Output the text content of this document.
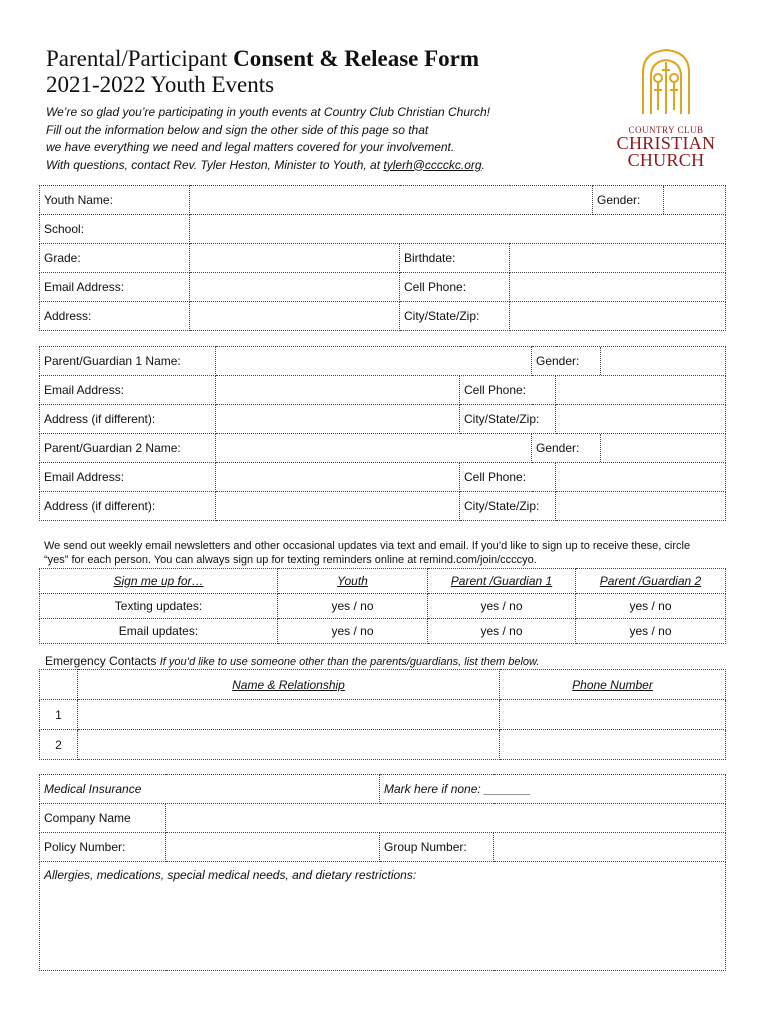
Parental/Participant Consent & Release Form
2021-2022 Youth Events
We’re so glad you’re participating in youth events at Country Club Christian Church!
Fill out the information below and sign the other side of this page so that
we have everything we need and legal matters covered for your involvement.
With questions, contact Rev. Tyler Heston, Minister to Youth, at tylerh@cccckc.org.
COUNTRY CLUB
CHRISTIAN
CHURCH
Youth Name:			Gender:	

School:	
Grade:		Birthdate:	
Email Address:		Cell Phone:	
Address:		City/State/Zip:	
Parent/Guardian 1 Name:			Gender:	

Email Address:		Cell Phone:	
Address (if different):		City/State/Zip:	
Parent/Guardian 2 Name:			Gender:	

Email Address:		Cell Phone:	
Address (if different):		City/State/Zip:	
We send out weekly email newsletters and other occasional updates via text and email. If you’d like to sign up to receive these, circle
“yes” for each person. You can always sign up for texting reminders online at remind.com/join/ccccyo.
Sign me up for…	Youth	Parent /Guardian 1	Parent /Guardian 2
Texting updates:	yes / no	yes / no	yes / no
Email updates:	yes / no	yes / no	yes / no
Emergency Contacts If you’d like to use someone other than the parents/guardians, list them below.
	Name & Relationship	Phone Number
1		
2		
Medical Insurance		Mark here if none: _______	
Company Name			
Policy Number:		Group Number:	
Allergies, medications, special medical needs, and dietary restrictions:			
